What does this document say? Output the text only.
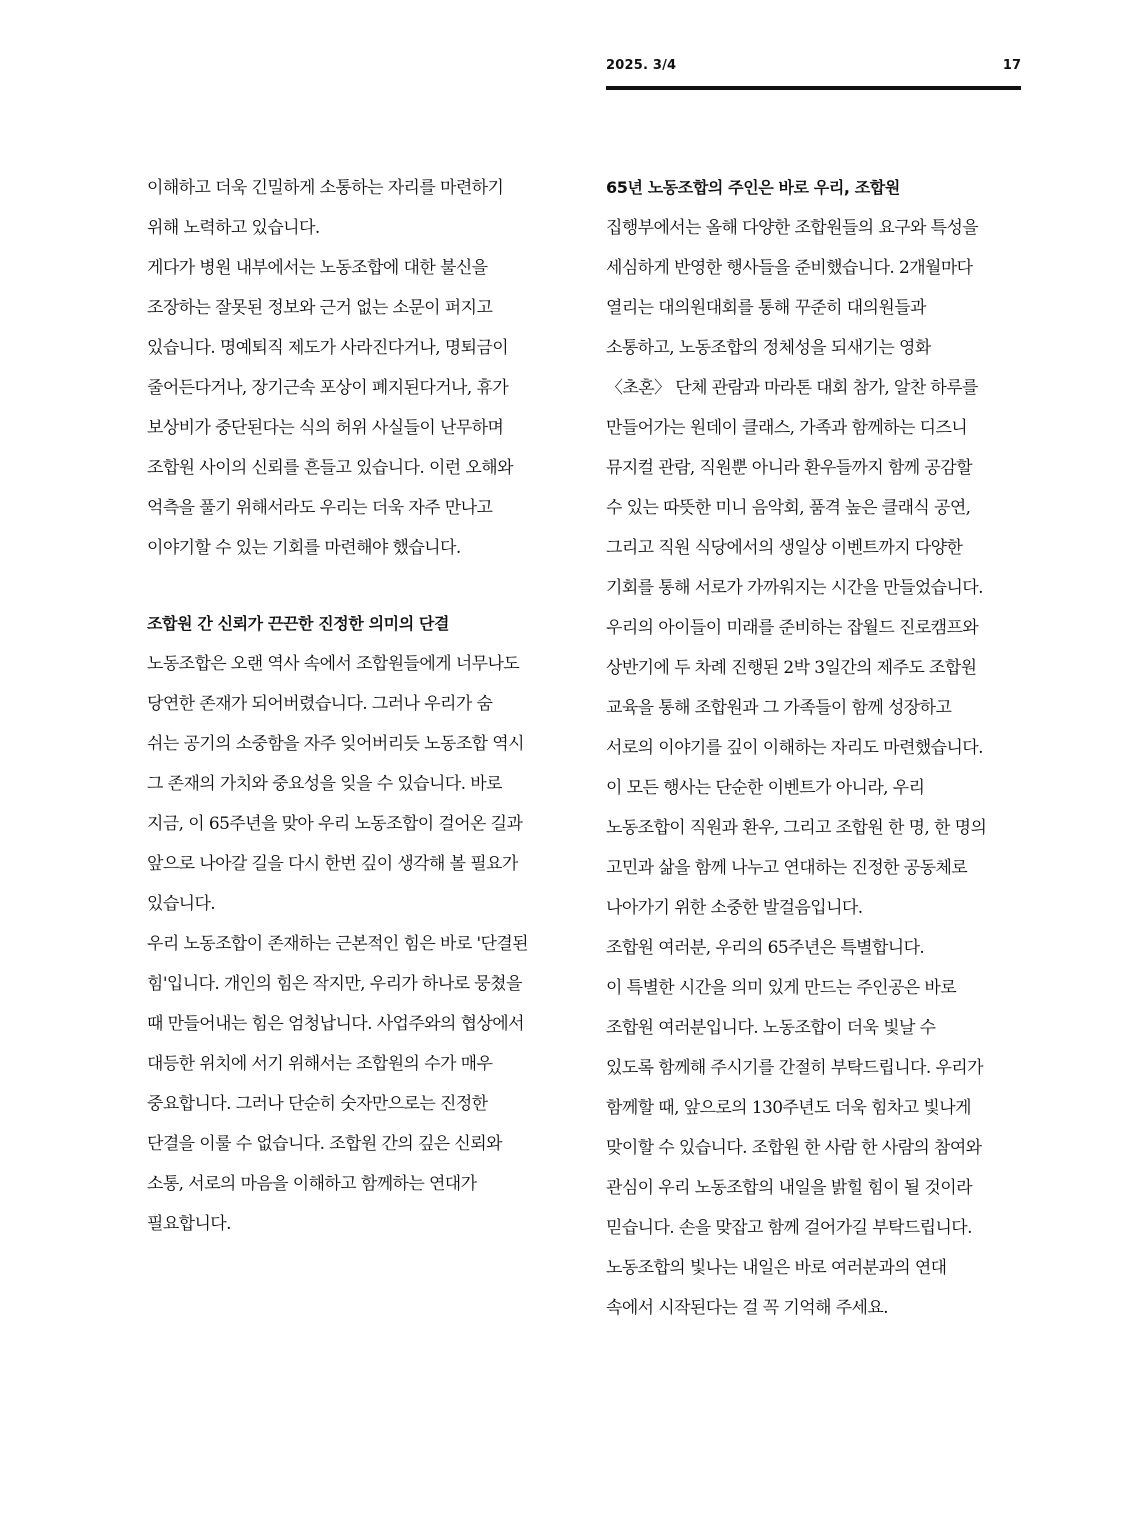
2025. 3/4	17
이해하고 더욱 긴밀하게 소통하는 자리를 마련하기
위해 노력하고 있습니다.
게다가 병원 내부에서는 노동조합에 대한 불신을
조장하는 잘못된 정보와 근거 없는 소문이 퍼지고
있습니다. 명예퇴직 제도가 사라진다거나, 명퇴금이
줄어든다거나, 장기근속 포상이 폐지된다거나, 휴가
보상비가 중단된다는 식의 허위 사실들이 난무하며
조합원 사이의 신뢰를 흔들고 있습니다. 이런 오해와
억측을 풀기 위해서라도 우리는 더욱 자주 만나고
이야기할 수 있는 기회를 마련해야 했습니다.
조합원 간 신뢰가 끈끈한 진정한 의미의 단결
노동조합은 오랜 역사 속에서 조합원들에게 너무나도
당연한 존재가 되어버렸습니다. 그러나 우리가 숨
쉬는 공기의 소중함을 자주 잊어버리듯 노동조합 역시
그 존재의 가치와 중요성을 잊을 수 있습니다. 바로
지금, 이 65주년을 맞아 우리 노동조합이 걸어온 길과
앞으로 나아갈 길을 다시 한번 깊이 생각해 볼 필요가
있습니다.
우리 노동조합이 존재하는 근본적인 힘은 바로 '단결된
힘'입니다. 개인의 힘은 작지만, 우리가 하나로 뭉쳤을
때 만들어내는 힘은 엄청납니다. 사업주와의 협상에서
대등한 위치에 서기 위해서는 조합원의 수가 매우
중요합니다. 그러나 단순히 숫자만으로는 진정한
단결을 이룰 수 없습니다. 조합원 간의 깊은 신뢰와
소통, 서로의 마음을 이해하고 함께하는 연대가
필요합니다.
65년 노동조합의 주인은 바로 우리, 조합원
집행부에서는 올해 다양한 조합원들의 요구와 특성을
세심하게 반영한 행사들을 준비했습니다. 2개월마다
열리는 대의원대회를 통해 꾸준히 대의원들과
소통하고, 노동조합의 정체성을 되새기는 영화
〈초혼〉 단체 관람과 마라톤 대회 참가, 알찬 하루를
만들어가는 원데이 클래스, 가족과 함께하는 디즈니
뮤지컬 관람, 직원뿐 아니라 환우들까지 함께 공감할
수 있는 따뜻한 미니 음악회, 품격 높은 클래식 공연,
그리고 직원 식당에서의 생일상 이벤트까지 다양한
기회를 통해 서로가 가까워지는 시간을 만들었습니다.
우리의 아이들이 미래를 준비하는 잡월드 진로캠프와
상반기에 두 차례 진행된 2박 3일간의 제주도 조합원
교육을 통해 조합원과 그 가족들이 함께 성장하고
서로의 이야기를 깊이 이해하는 자리도 마련했습니다.
이 모든 행사는 단순한 이벤트가 아니라, 우리
노동조합이 직원과 환우, 그리고 조합원 한 명, 한 명의
고민과 삶을 함께 나누고 연대하는 진정한 공동체로
나아가기 위한 소중한 발걸음입니다.
조합원 여러분, 우리의 65주년은 특별합니다.
이 특별한 시간을 의미 있게 만드는 주인공은 바로
조합원 여러분입니다. 노동조합이 더욱 빛날 수
있도록 함께해 주시기를 간절히 부탁드립니다. 우리가
함께할 때, 앞으로의 130주년도 더욱 힘차고 빛나게
맞이할 수 있습니다. 조합원 한 사람 한 사람의 참여와
관심이 우리 노동조합의 내일을 밝힐 힘이 될 것이라
믿습니다. 손을 맞잡고 함께 걸어가길 부탁드립니다.
노동조합의 빛나는 내일은 바로 여러분과의 연대
속에서 시작된다는 걸 꼭 기억해 주세요.
